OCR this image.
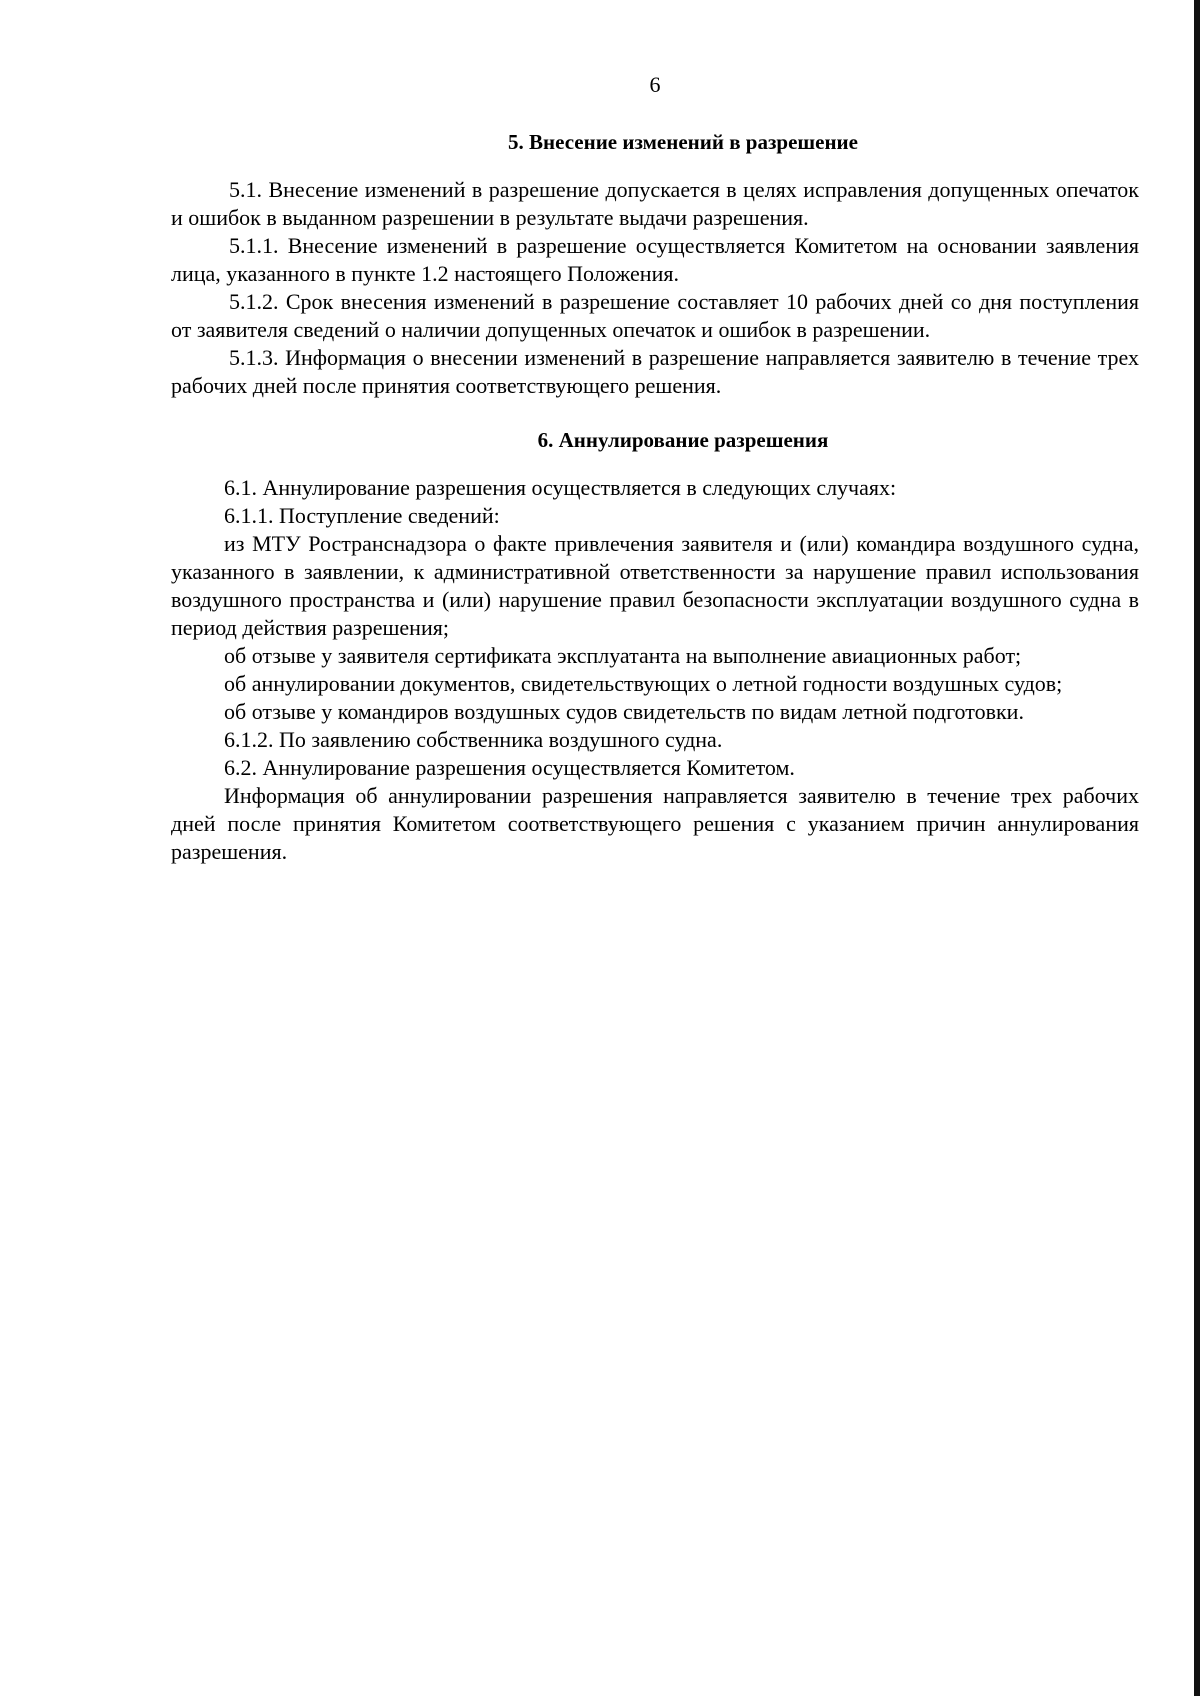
6
5. Внесение изменений в разрешение

5.1. Внесение изменений в разрешение допускается в целях исправления допущенных опечаток и ошибок в выданном разрешении в результате выдачи разрешения.

5.1.1. Внесение изменений в разрешение осуществляется Комитетом на основании заявления лица, указанного в пункте 1.2 настоящего Положения.

5.1.2. Срок внесения изменений в разрешение составляет 10 рабочих дней со дня поступления от заявителя сведений о наличии допущенных опечаток и ошибок в разрешении.

5.1.3. Информация о внесении изменений в разрешение направляется заявителю в течение трех рабочих дней после принятия соответствующего решения.

6. Аннулирование разрешения

6.1. Аннулирование разрешения осуществляется в следующих случаях:

6.1.1. Поступление сведений:

из МТУ Ространснадзора о факте привлечения заявителя и (или) командира воздушного судна, указанного в заявлении, к административной ответственности за нарушение правил использования воздушного пространства и (или) нарушение правил безопасности эксплуатации воздушного судна в период действия разрешения;

об отзыве у заявителя сертификата эксплуатанта на выполнение авиационных работ;

об аннулировании документов, свидетельствующих о летной годности воздушных судов;

об отзыве у командиров воздушных судов свидетельств по видам летной подготовки.

6.1.2. По заявлению собственника воздушного судна.

6.2. Аннулирование разрешения осуществляется Комитетом.

Информация об аннулировании разрешения направляется заявителю в течение трех рабочих дней после принятия Комитетом соответствующего решения с указанием причин аннулирования разрешения.
